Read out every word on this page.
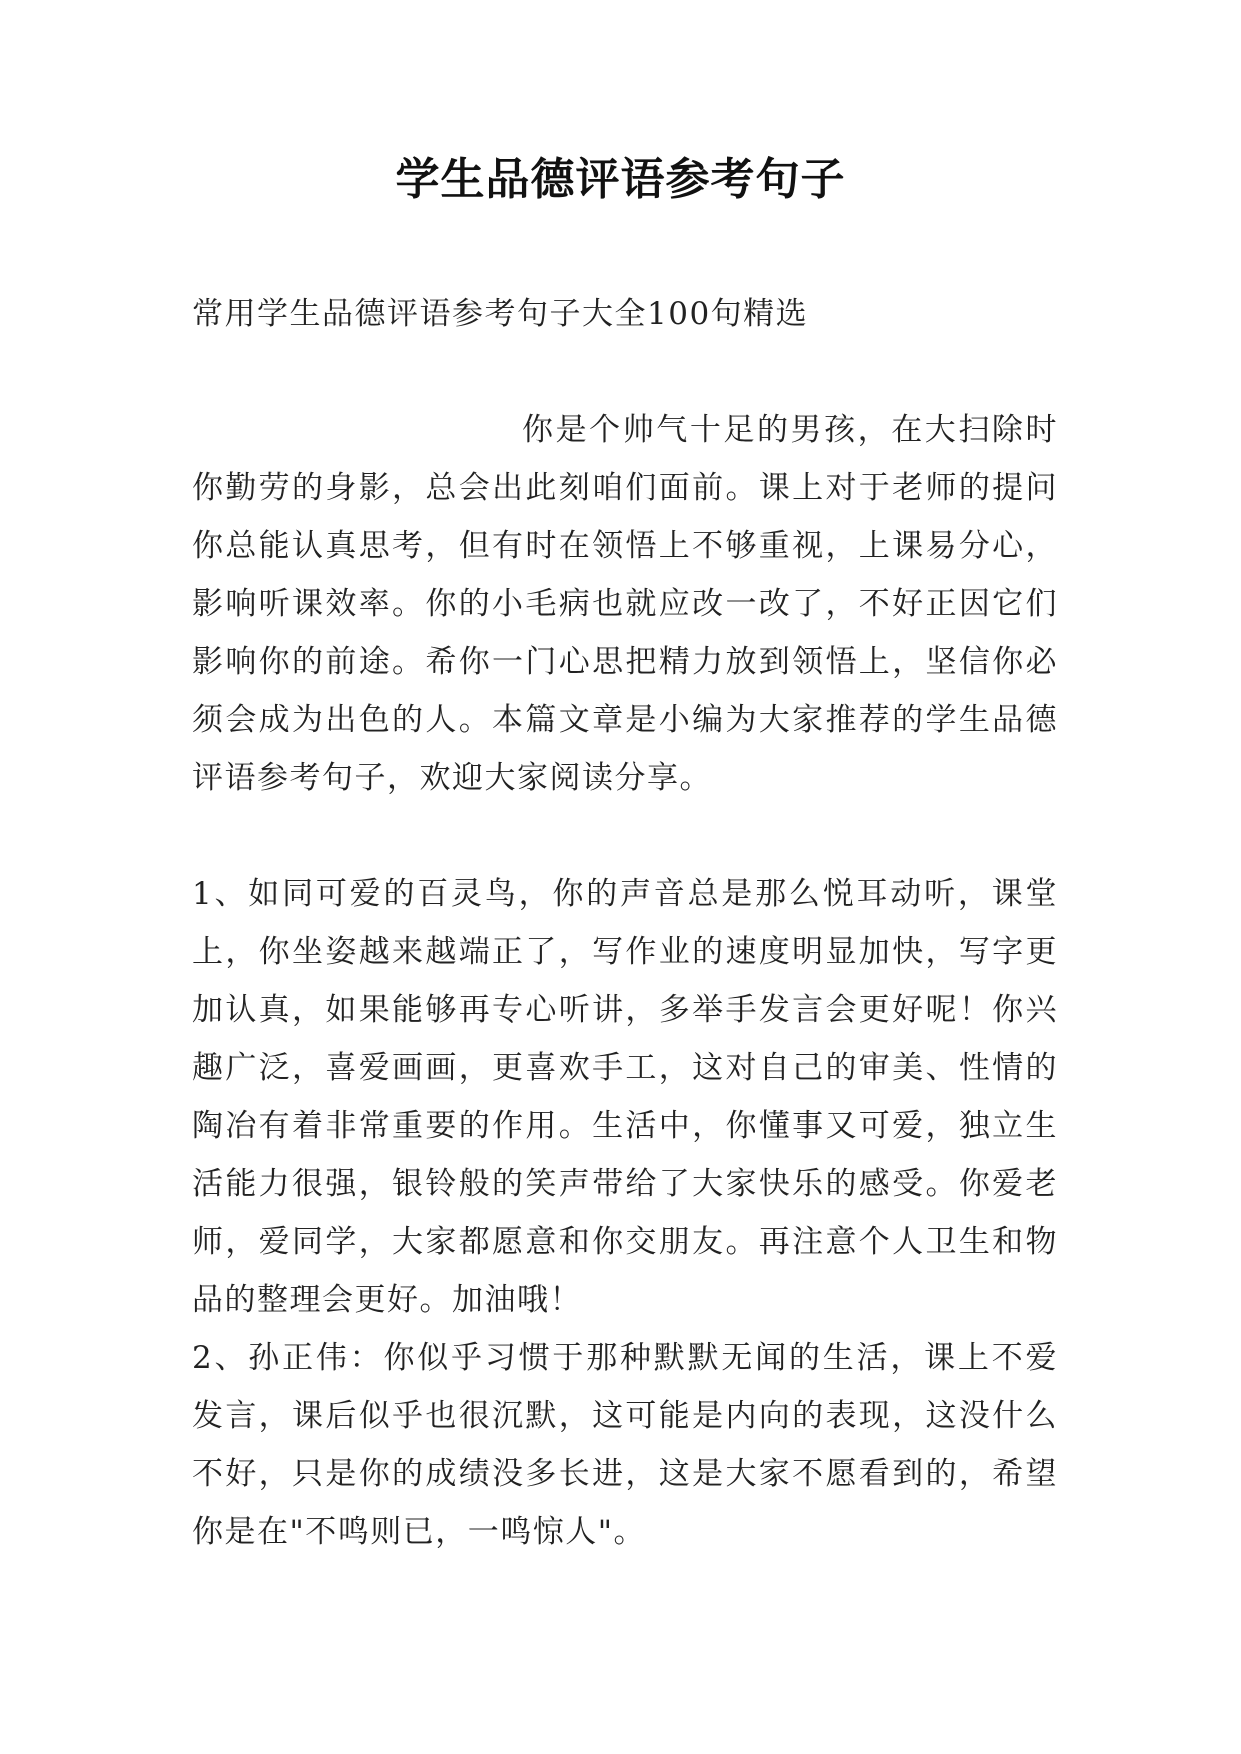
学生品德评语参考句子

常用学生品德评语参考句子大全100句精选

你是个帅气十足的男孩，在大扫除时你勤劳的身影，总会出此刻咱们面前。课上对于老师的提问你总能认真思考，但有时在领悟上不够重视，上课易分心，影响听课效率。你的小毛病也就应改一改了，不好正因它们影响你的前途。希你一门心思把精力放到领悟上，坚信你必须会成为出色的人。本篇文章是小编为大家推荐的学生品德评语参考句子，欢迎大家阅读分享。

1、如同可爱的百灵鸟，你的声音总是那么悦耳动听，课堂上，你坐姿越来越端正了，写作业的速度明显加快，写字更加认真，如果能够再专心听讲，多举手发言会更好呢！你兴趣广泛，喜爱画画，更喜欢手工，这对自己的审美、性情的陶冶有着非常重要的作用。生活中，你懂事又可爱，独立生活能力很强，银铃般的笑声带给了大家快乐的感受。你爱老师，爱同学，大家都愿意和你交朋友。再注意个人卫生和物品的整理会更好。加油哦！

2、孙正伟：你似乎习惯于那种默默无闻的生活，课上不爱发言，课后似乎也很沉默，这可能是内向的表现，这没什么不好，只是你的成绩没多长进，这是大家不愿看到的，希望你是在"不鸣则已，一鸣惊人"。
